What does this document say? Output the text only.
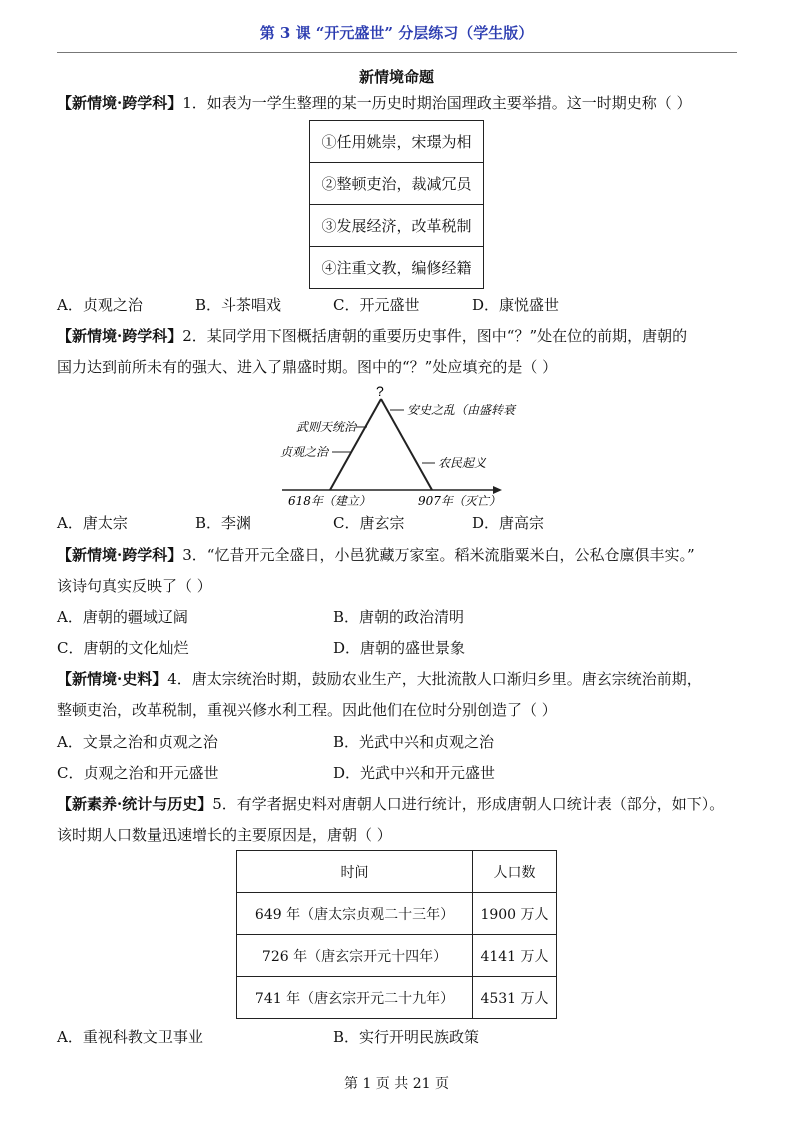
第 3 课 “开元盛世” 分层练习（学生版）
新情境命题
【新情境·跨学科】1．如表为一学生整理的某一历史时期治国理政主要举措。这一时期史称（ ）
①任用姚崇，宋璟为相
②整顿吏治，裁减冗员
③发展经济，改革税制
④注重文教，编修经籍
A．贞观之治	B．斗茶唱戏	C．开元盛世	D．康悦盛世
【新情境·跨学科】2．某同学用下图概括唐朝的重要历史事件，图中“？”处在位的前期，唐朝的
国力达到前所未有的强大、进入了鼎盛时期。图中的“？”处应填充的是（ ）
?
武则天统治
贞观之治
安史之乱（由盛转衰
农民起义
618年（建立）	907年（灭亡）
A．唐太宗	B．李渊	C．唐玄宗	D．唐高宗
【新情境·跨学科】3．“忆昔开元全盛日，小邑犹藏万家室。稻米流脂粟米白，公私仓廪俱丰实。”
该诗句真实反映了（ ）
A．唐朝的疆域辽阔	B．唐朝的政治清明
C．唐朝的文化灿烂	D．唐朝的盛世景象
【新情境·史料】4．唐太宗统治时期，鼓励农业生产，大批流散人口渐归乡里。唐玄宗统治前期，
整顿吏治，改革税制，重视兴修水利工程。因此他们在位时分别创造了（ ）
A．文景之治和贞观之治	B．光武中兴和贞观之治
C．贞观之治和开元盛世	D．光武中兴和开元盛世
【新素养·统计与历史】5．有学者据史料对唐朝人口进行统计，形成唐朝人口统计表（部分，如下）。
该时期人口数量迅速增长的主要原因是，唐朝（ ）
时间	人口数
649 年（唐太宗贞观二十三年）	1900 万人
726 年（唐玄宗开元十四年）	4141 万人
741 年（唐玄宗开元二十九年）	4531 万人
A．重视科教文卫事业	B．实行开明民族政策
第 1 页 共 21 页
